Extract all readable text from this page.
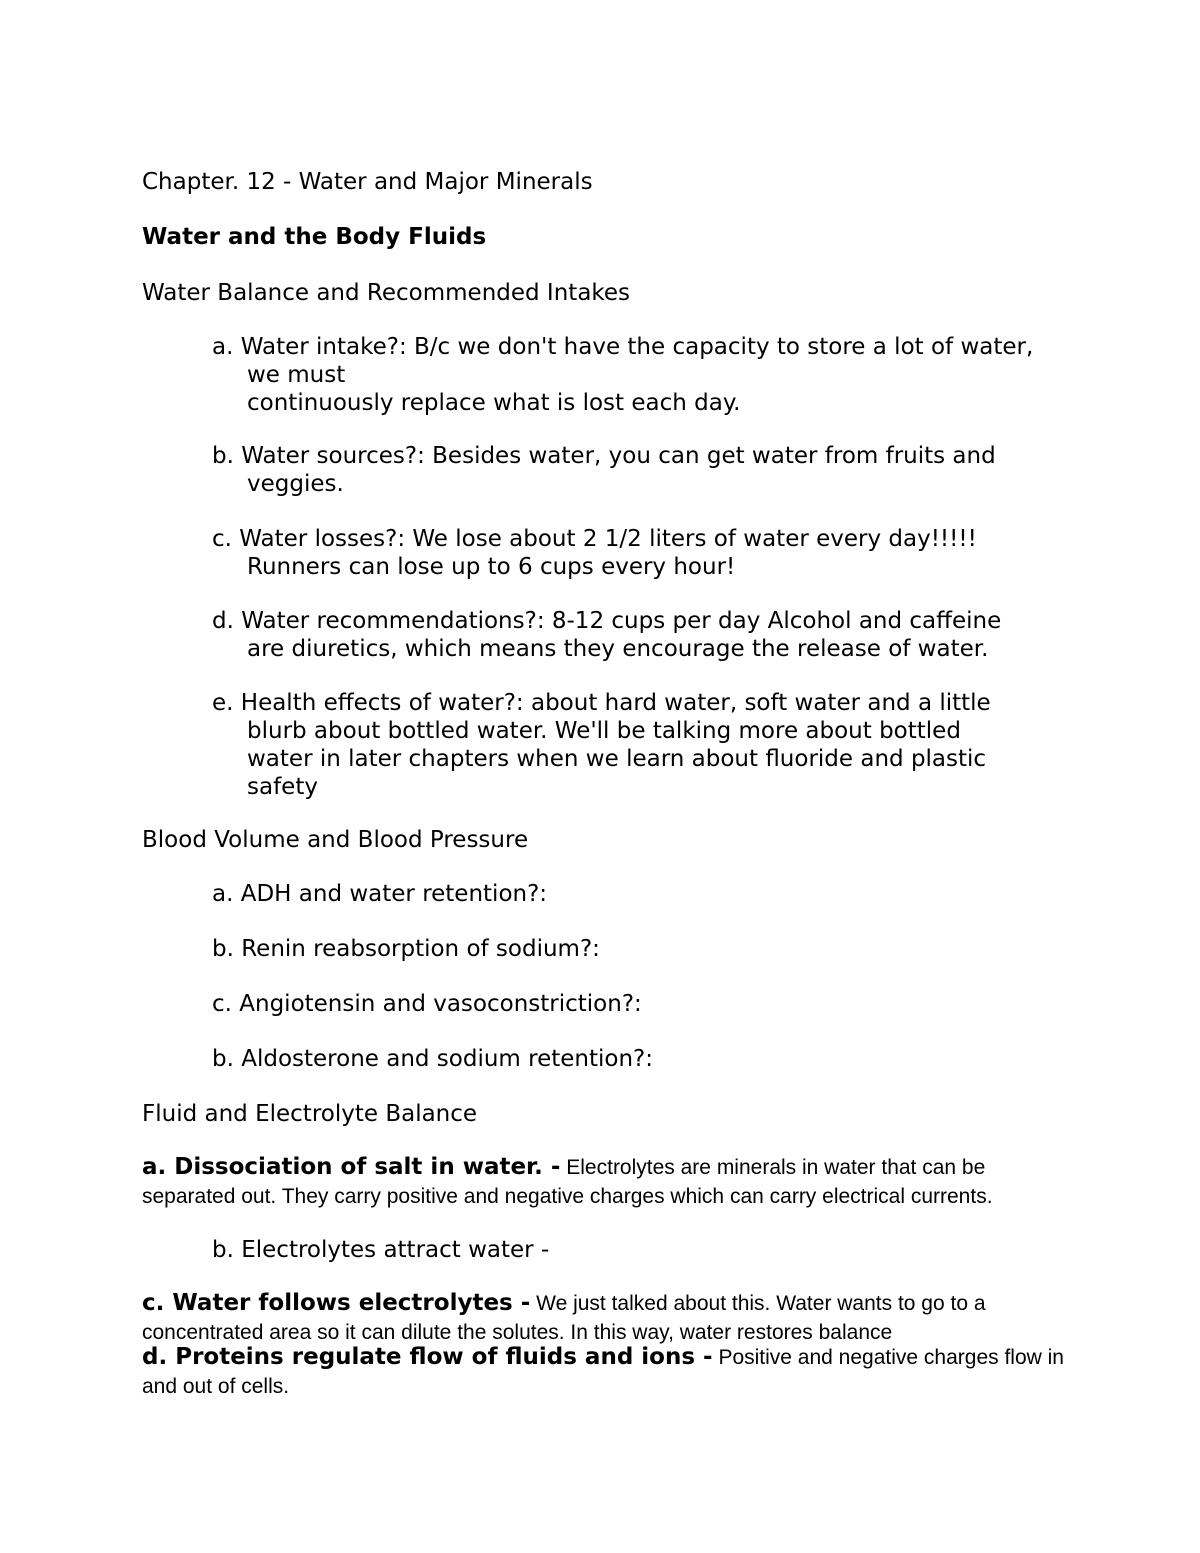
Chapter. 12 - Water and Major Minerals
Water and the Body Fluids
Water Balance and Recommended Intakes
a. Water intake?: B/c we don't have the capacity to store a lot of water,
we must
continuously replace what is lost each day.
b. Water sources?: Besides water, you can get water from fruits and
veggies.
c. Water losses?: We lose about 2 1/2 liters of water every day!!!!!
Runners can lose up to 6 cups every hour!
d. Water recommendations?: 8-12 cups per day Alcohol and caffeine
are diuretics, which means they encourage the release of water.
e. Health effects of water?: about hard water, soft water and a little
blurb about bottled water. We'll be talking more about bottled
water in later chapters when we learn about fluoride and plastic
safety
Blood Volume and Blood Pressure
a. ADH and water retention?:
b. Renin reabsorption of sodium?:
c. Angiotensin and vasoconstriction?:
b. Aldosterone and sodium retention?:
Fluid and Electrolyte Balance
a. Dissociation of salt in water. - Electrolytes are minerals in water that can be separated out. They carry positive and negative charges which can carry electrical currents.
b. Electrolytes attract water -
c. Water follows electrolytes - We just talked about this. Water wants to go to a concentrated area so it can dilute the solutes. In this way, water restores balance
d. Proteins regulate flow of fluids and ions - Positive and negative charges flow in and out of cells.
